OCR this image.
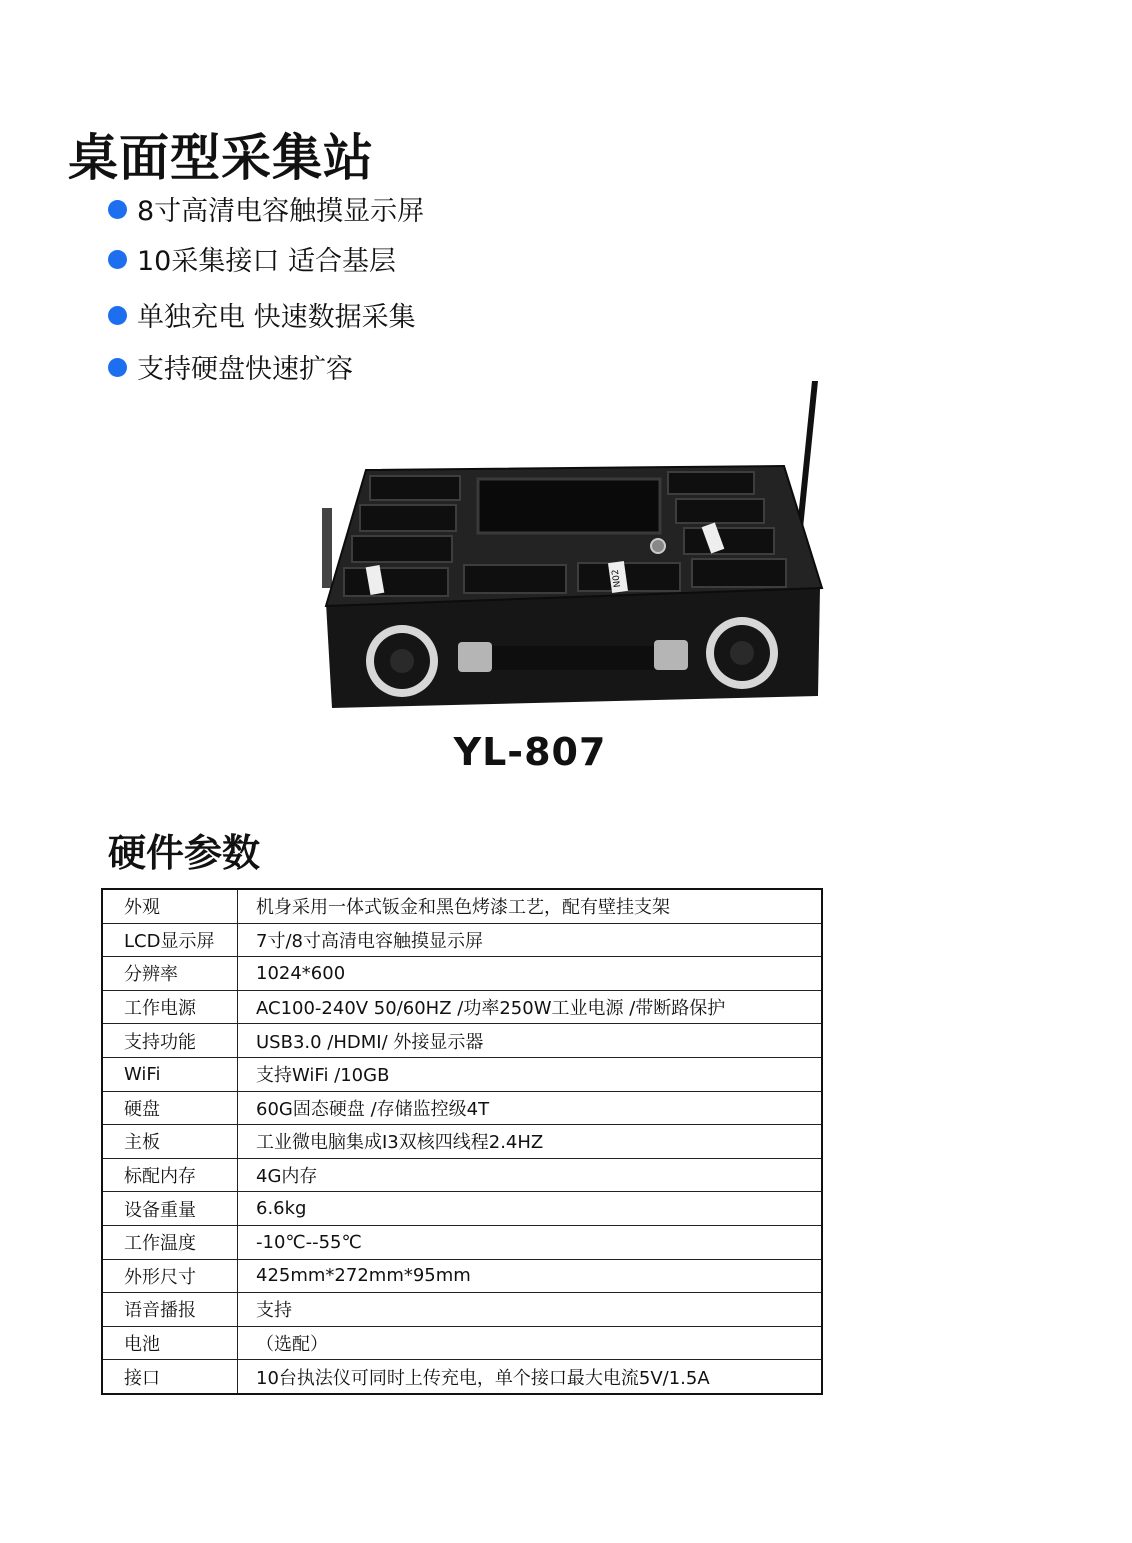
桌面型采集站
8寸高清电容触摸显示屏
10采集接口 适合基层
单独充电 快速数据采集
支持硬盘快速扩容
N02
YL-807
硬件参数
外观	机身采用一体式钣金和黑色烤漆工艺，配有壁挂支架
LCD显示屏	7寸/8寸高清电容触摸显示屏
分辨率	1024*600
工作电源	AC100-240V 50/60HZ /功率250W工业电源 /带断路保护
支持功能	USB3.0 /HDMI/ 外接显示器
WiFi	支持WiFi /10GB
硬盘	60G固态硬盘 /存储监控级4T
主板	工业微电脑集成I3双核四线程2.4HZ
标配内存	4G内存
设备重量	6.6kg
工作温度	-10℃--55℃
外形尺寸	425mm*272mm*95mm
语音播报	支持
电池	（选配）
接口	10台执法仪可同时上传充电，单个接口最大电流5V/1.5A
